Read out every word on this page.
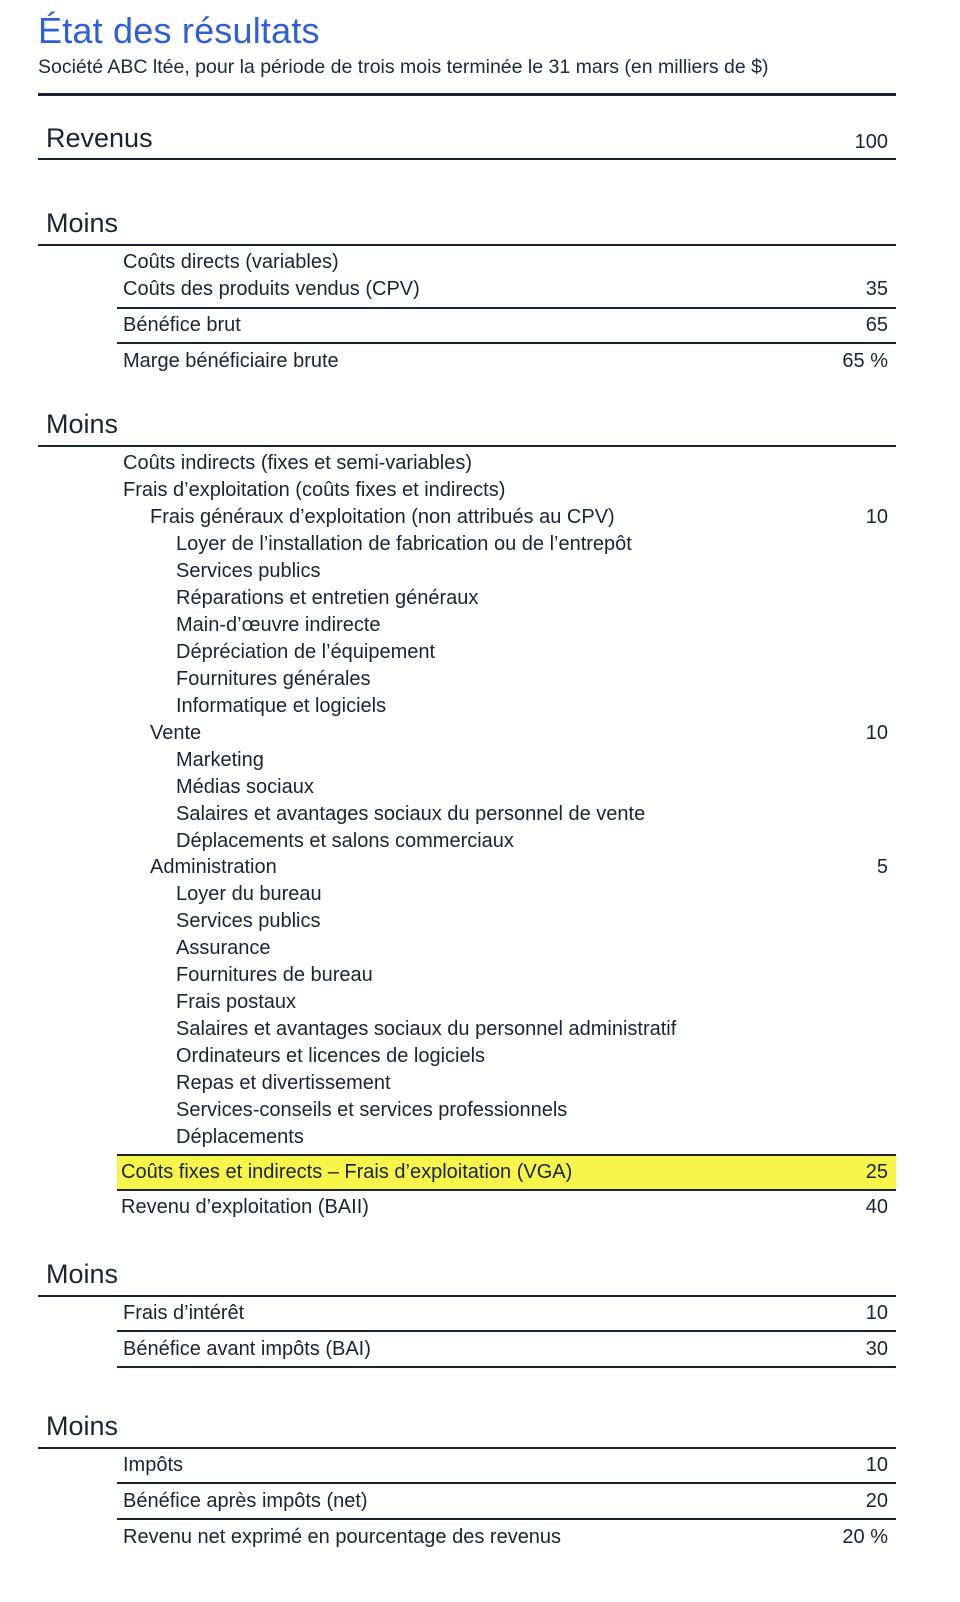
État des résultats
Société ABC ltée, pour la période de trois mois terminée le 31 mars (en milliers de $)
Revenus	100
Moins
Coûts directs (variables)
Coûts des produits vendus (CPV)	35
Bénéfice brut	65
Marge bénéficiaire brute	65 %
Moins
Coûts indirects (fixes et semi-variables)
Frais d’exploitation (coûts fixes et indirects)
Frais généraux d’exploitation (non attribués au CPV)	10
Loyer de l’installation de fabrication ou de l’entrepôt
Services publics
Réparations et entretien généraux
Main-d’œuvre indirecte
Dépréciation de l’équipement
Fournitures générales
Informatique et logiciels
Vente	10
Marketing
Médias sociaux
Salaires et avantages sociaux du personnel de vente
Déplacements et salons commerciaux
Administration	5
Loyer du bureau
Services publics
Assurance
Fournitures de bureau
Frais postaux
Salaires et avantages sociaux du personnel administratif
Ordinateurs et licences de logiciels
Repas et divertissement
Services-conseils et services professionnels
Déplacements
Coûts fixes et indirects – Frais d’exploitation (VGA)	25
Revenu d’exploitation (BAII)	40
Moins
Frais d’intérêt	10
Bénéfice avant impôts (BAI)	30
Moins
Impôts	10
Bénéfice après impôts (net)	20
Revenu net exprimé en pourcentage des revenus	20 %
